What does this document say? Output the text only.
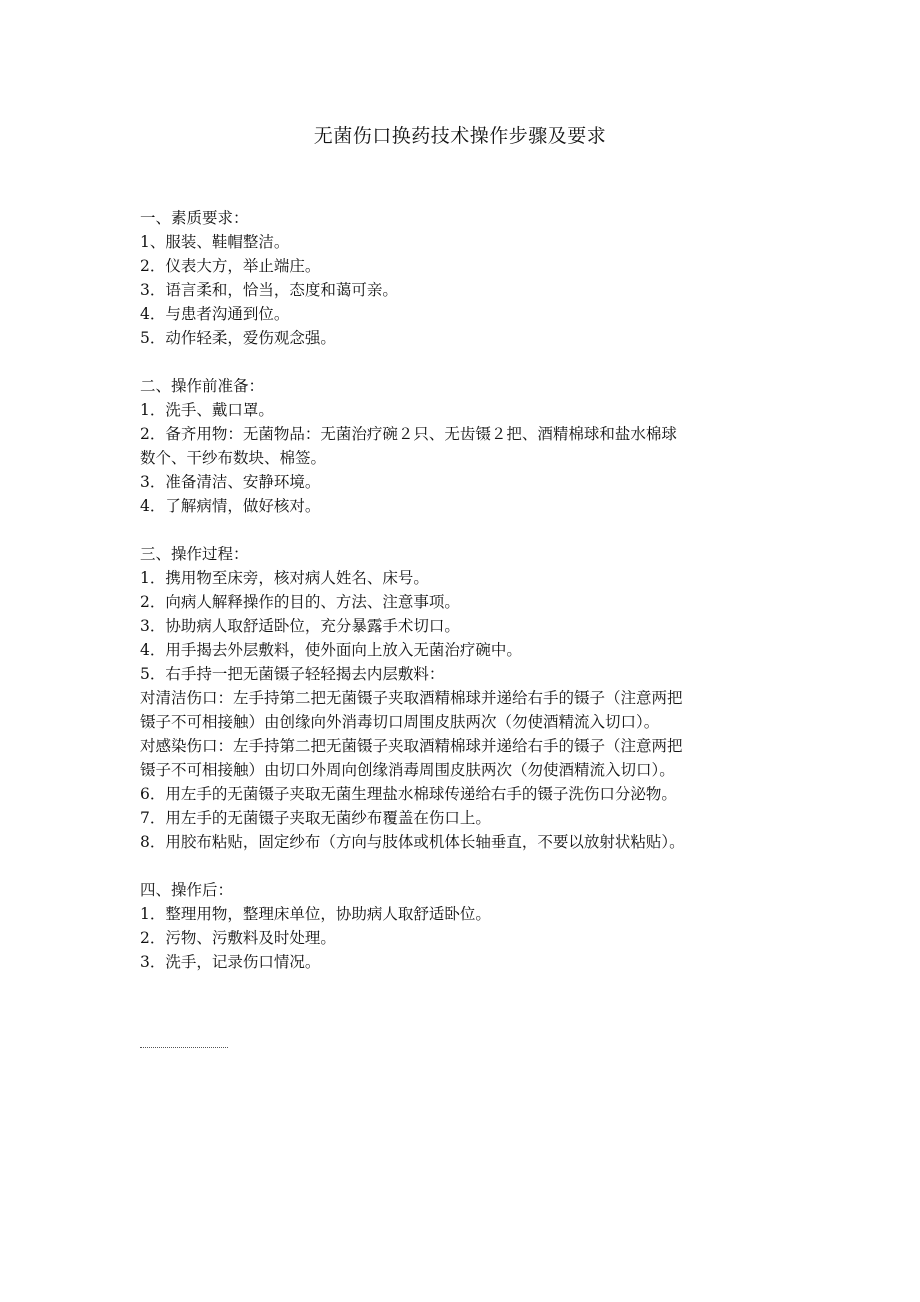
无菌伤口换药技术操作步骤及要求

一、素质要求：

1、服装、鞋帽整洁。

2．仪表大方，举止端庄。

3．语言柔和，恰当，态度和蔼可亲。

4．与患者沟通到位。

5．动作轻柔，爱伤观念强。

二、操作前准备：

1．洗手、戴口罩。

2．备齐用物：无菌物品：无菌治疗碗２只、无齿镊２把、酒精棉球和盐水棉球

数个、干纱布数块、棉签。

3．准备清洁、安静环境。

4．了解病情，做好核对。

三、操作过程：

1．携用物至床旁，核对病人姓名、床号。

2．向病人解释操作的目的、方法、注意事项。

3．协助病人取舒适卧位，充分暴露手术切口。

4．用手揭去外层敷料，使外面向上放入无菌治疗碗中。

5．右手持一把无菌镊子轻轻揭去内层敷料：

对清洁伤口：左手持第二把无菌镊子夹取酒精棉球并递给右手的镊子（注意两把

镊子不可相接触）由创缘向外消毒切口周围皮肤两次（勿使酒精流入切口）。

对感染伤口：左手持第二把无菌镊子夹取酒精棉球并递给右手的镊子（注意两把

镊子不可相接触）由切口外周向创缘消毒周围皮肤两次（勿使酒精流入切口）。

6．用左手的无菌镊子夹取无菌生理盐水棉球传递给右手的镊子洗伤口分泌物。

7．用左手的无菌镊子夹取无菌纱布覆盖在伤口上。

8．用胶布粘贴，固定纱布（方向与肢体或机体长轴垂直，不要以放射状粘贴）。

四、操作后：

1．整理用物，整理床单位，协助病人取舒适卧位。

2．污物、污敷料及时处理。

3．洗手，记录伤口情况。
